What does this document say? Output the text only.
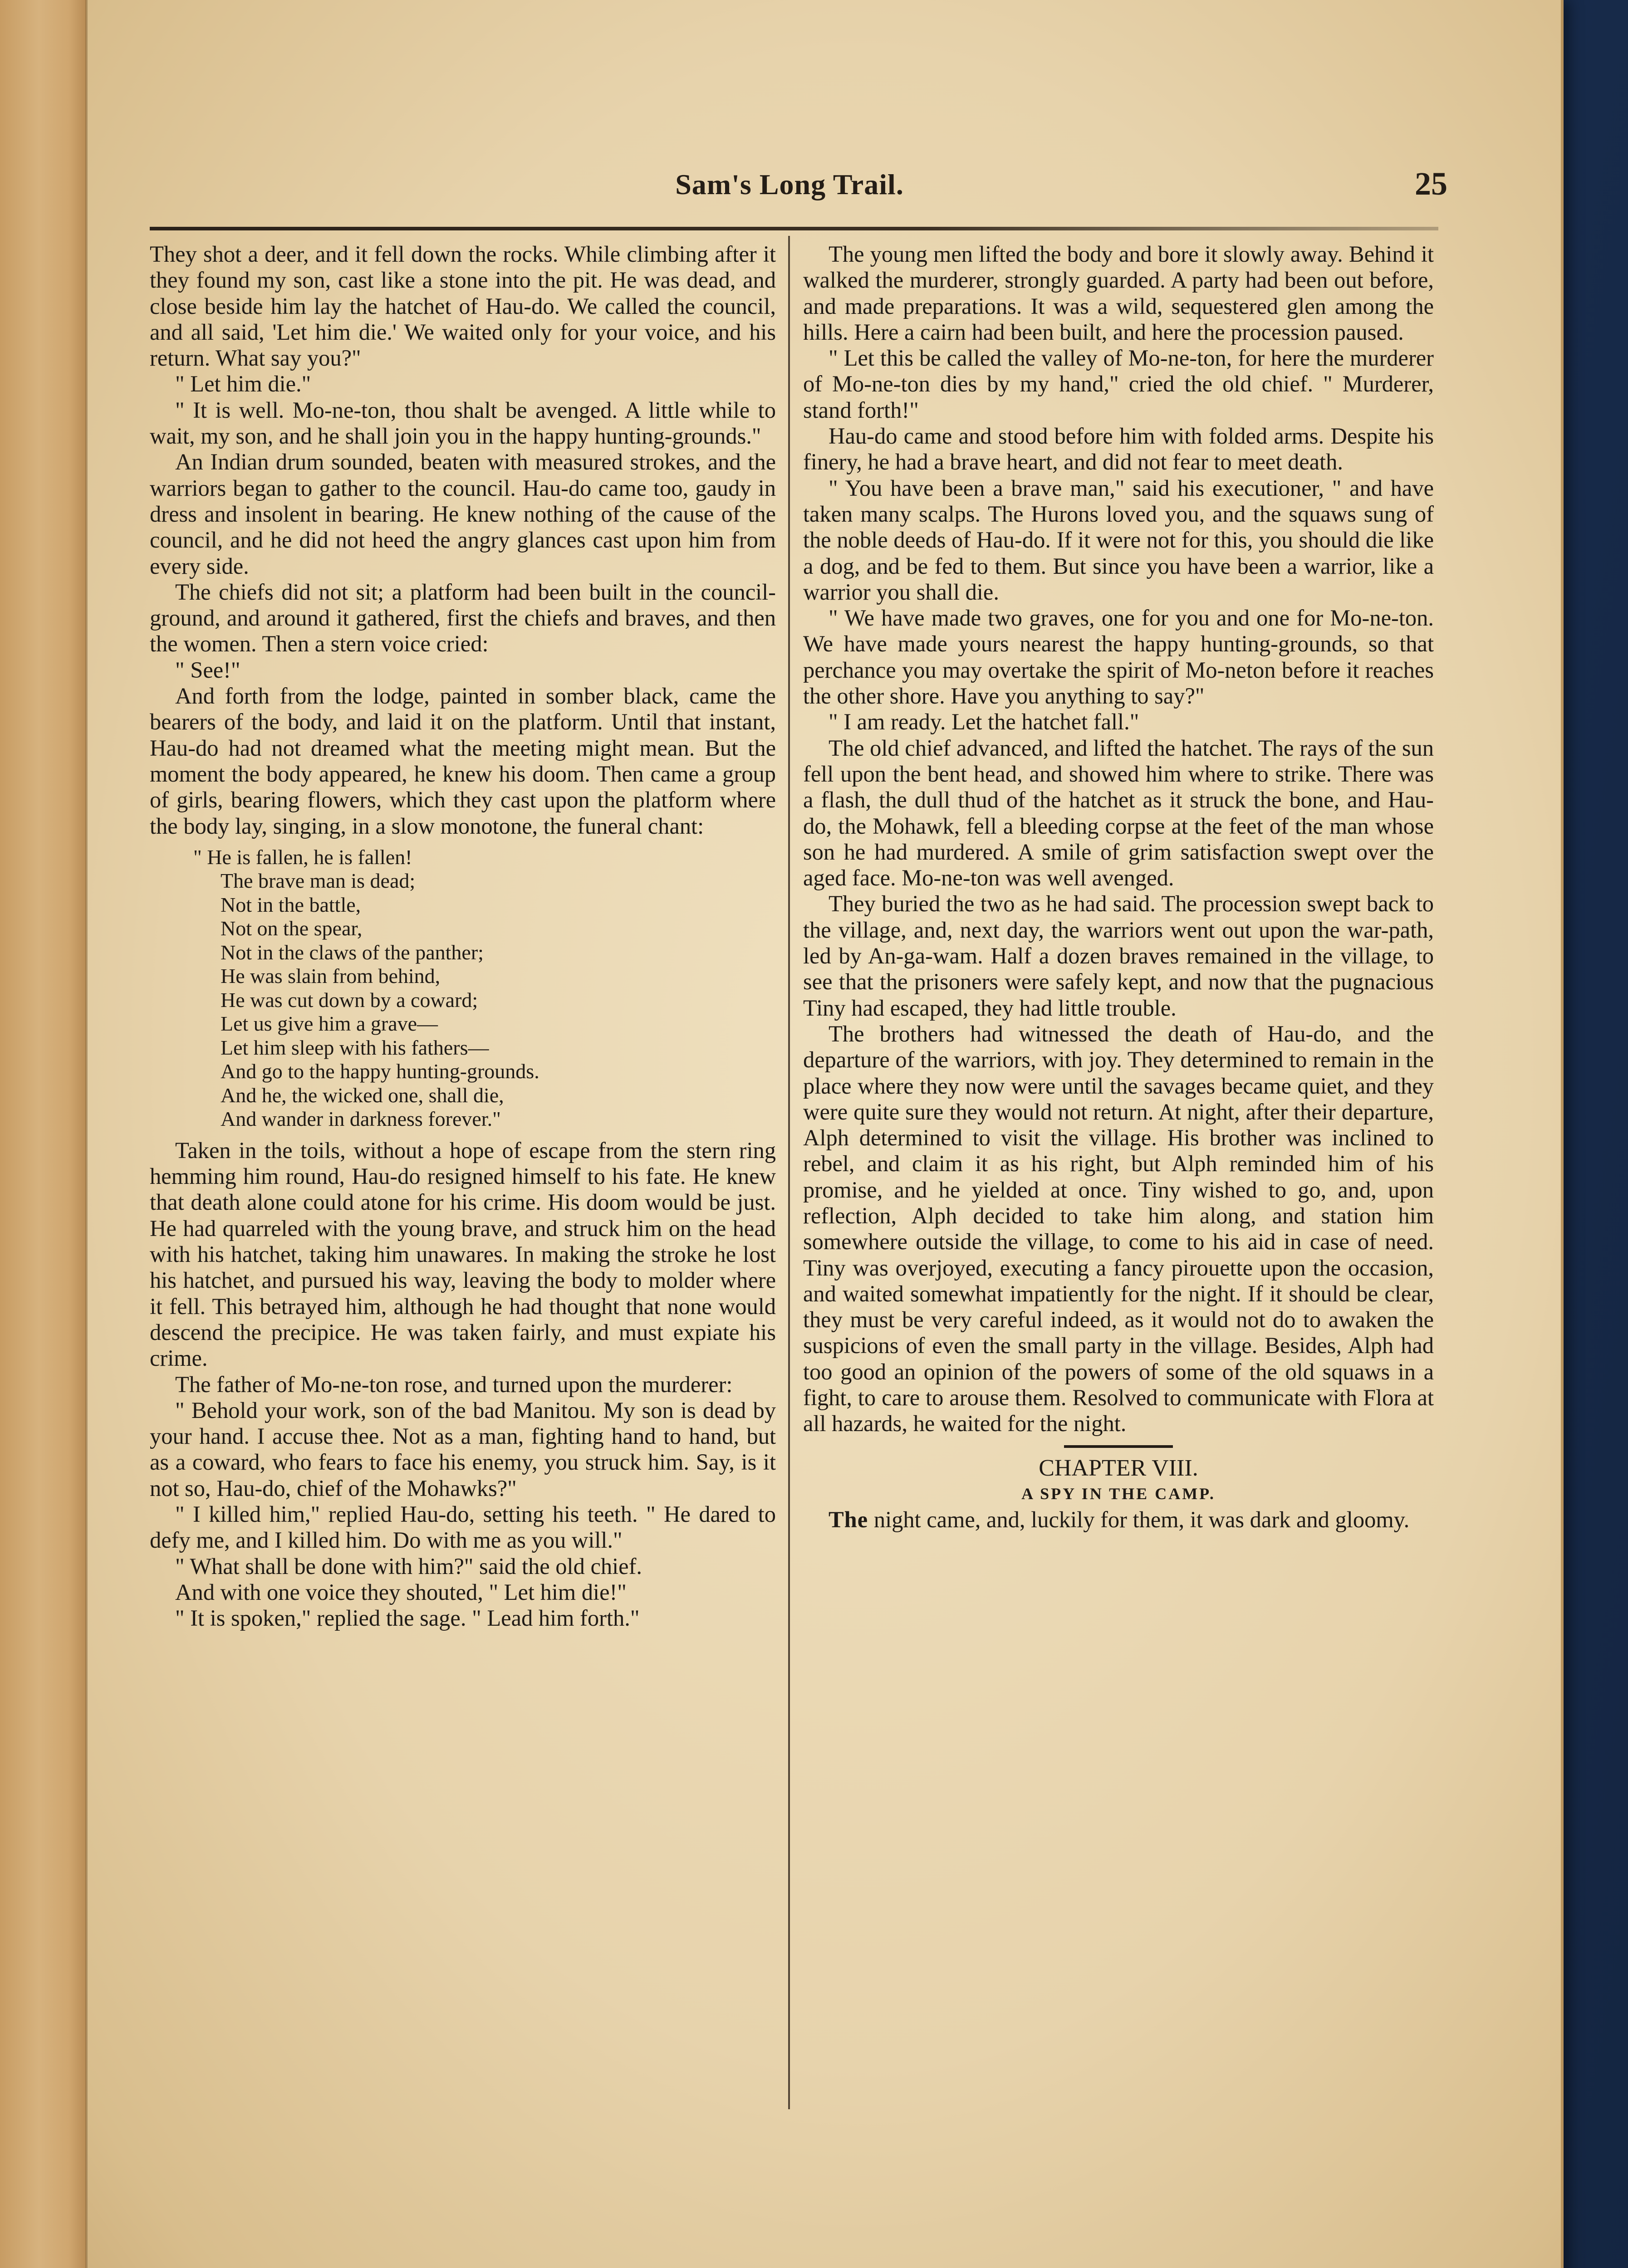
Sam's Long Trail.	25

They shot a deer, and it fell down the rocks. While climbing after it they found my son, cast like a stone into the pit. He was dead, and close beside him lay the hatchet of Hau-do. We called the council, and all said, 'Let him die.' We waited only for your voice, and his return. What say you?"

" Let him die."

" It is well. Mo-ne-ton, thou shalt be avenged. A little while to wait, my son, and he shall join you in the happy hunting-grounds."

An Indian drum sounded, beaten with measured strokes, and the warriors began to gather to the council. Hau-do came too, gaudy in dress and insolent in bearing. He knew nothing of the cause of the council, and he did not heed the angry glances cast upon him from every side.

The chiefs did not sit; a platform had been built in the council-ground, and around it gathered, first the chiefs and braves, and then the women. Then a stern voice cried:

" See!"

And forth from the lodge, painted in somber black, came the bearers of the body, and laid it on the platform. Until that instant, Hau-do had not dreamed what the meeting might mean. But the moment the body appeared, he knew his doom. Then came a group of girls, bearing flowers, which they cast upon the platform where the body lay, singing, in a slow monotone, the funeral chant:

" He is fallen, he is fallen!

The brave man is dead;

Not in the battle,

Not on the spear,

Not in the claws of the panther;

He was slain from behind,

He was cut down by a coward;

Let us give him a grave—

Let him sleep with his fathers—

And go to the happy hunting-grounds.

And he, the wicked one, shall die,

And wander in darkness forever."

Taken in the toils, without a hope of escape from the stern ring hemming him round, Hau-do resigned himself to his fate. He knew that death alone could atone for his crime. His doom would be just. He had quarreled with the young brave, and struck him on the head with his hatchet, taking him unawares. In making the stroke he lost his hatchet, and pursued his way, leaving the body to molder where it fell. This betrayed him, although he had thought that none would descend the precipice. He was taken fairly, and must expiate his crime.

The father of Mo-ne-ton rose, and turned upon the murderer:

" Behold your work, son of the bad Manitou. My son is dead by your hand. I accuse thee. Not as a man, fighting hand to hand, but as a coward, who fears to face his enemy, you struck him. Say, is it not so, Hau-do, chief of the Mohawks?"

" I killed him," replied Hau-do, setting his teeth. " He dared to defy me, and I killed him. Do with me as you will."

" What shall be done with him?" said the old chief.

And with one voice they shouted, " Let him die!"

" It is spoken," replied the sage. " Lead him forth."

The young men lifted the body and bore it slowly away. Behind it walked the murderer, strongly guarded. A party had been out before, and made preparations. It was a wild, sequestered glen among the hills. Here a cairn had been built, and here the procession paused.

" Let this be called the valley of Mo-ne-ton, for here the murderer of Mo-ne-ton dies by my hand," cried the old chief. " Murderer, stand forth!"

Hau-do came and stood before him with folded arms. Despite his finery, he had a brave heart, and did not fear to meet death.

" You have been a brave man," said his executioner, " and have taken many scalps. The Hurons loved you, and the squaws sung of the noble deeds of Hau-do. If it were not for this, you should die like a dog, and be fed to them. But since you have been a warrior, like a warrior you shall die.

" We have made two graves, one for you and one for Mo-ne-ton. We have made yours nearest the happy hunting-grounds, so that perchance you may overtake the spirit of Mo-neton before it reaches the other shore. Have you anything to say?"

" I am ready. Let the hatchet fall."

The old chief advanced, and lifted the hatchet. The rays of the sun fell upon the bent head, and showed him where to strike. There was a flash, the dull thud of the hatchet as it struck the bone, and Hau-do, the Mohawk, fell a bleeding corpse at the feet of the man whose son he had murdered. A smile of grim satisfaction swept over the aged face. Mo-ne-ton was well avenged.

They buried the two as he had said. The procession swept back to the village, and, next day, the warriors went out upon the war-path, led by An-ga-wam. Half a dozen braves remained in the village, to see that the prisoners were safely kept, and now that the pugnacious Tiny had escaped, they had little trouble.

The brothers had witnessed the death of Hau-do, and the departure of the warriors, with joy. They determined to remain in the place where they now were until the savages became quiet, and they were quite sure they would not return. At night, after their departure, Alph determined to visit the village. His brother was inclined to rebel, and claim it as his right, but Alph reminded him of his promise, and he yielded at once. Tiny wished to go, and, upon reflection, Alph decided to take him along, and station him somewhere outside the village, to come to his aid in case of need. Tiny was overjoyed, executing a fancy pirouette upon the occasion, and waited somewhat impatiently for the night. If it should be clear, they must be very careful indeed, as it would not do to awaken the suspicions of even the small party in the village. Besides, Alph had too good an opinion of the powers of some of the old squaws in a fight, to care to arouse them. Resolved to communicate with Flora at all hazards, he waited for the night.

CHAPTER VIII.

A SPY IN THE CAMP.

The night came, and, luckily for them, it was dark and gloomy.
